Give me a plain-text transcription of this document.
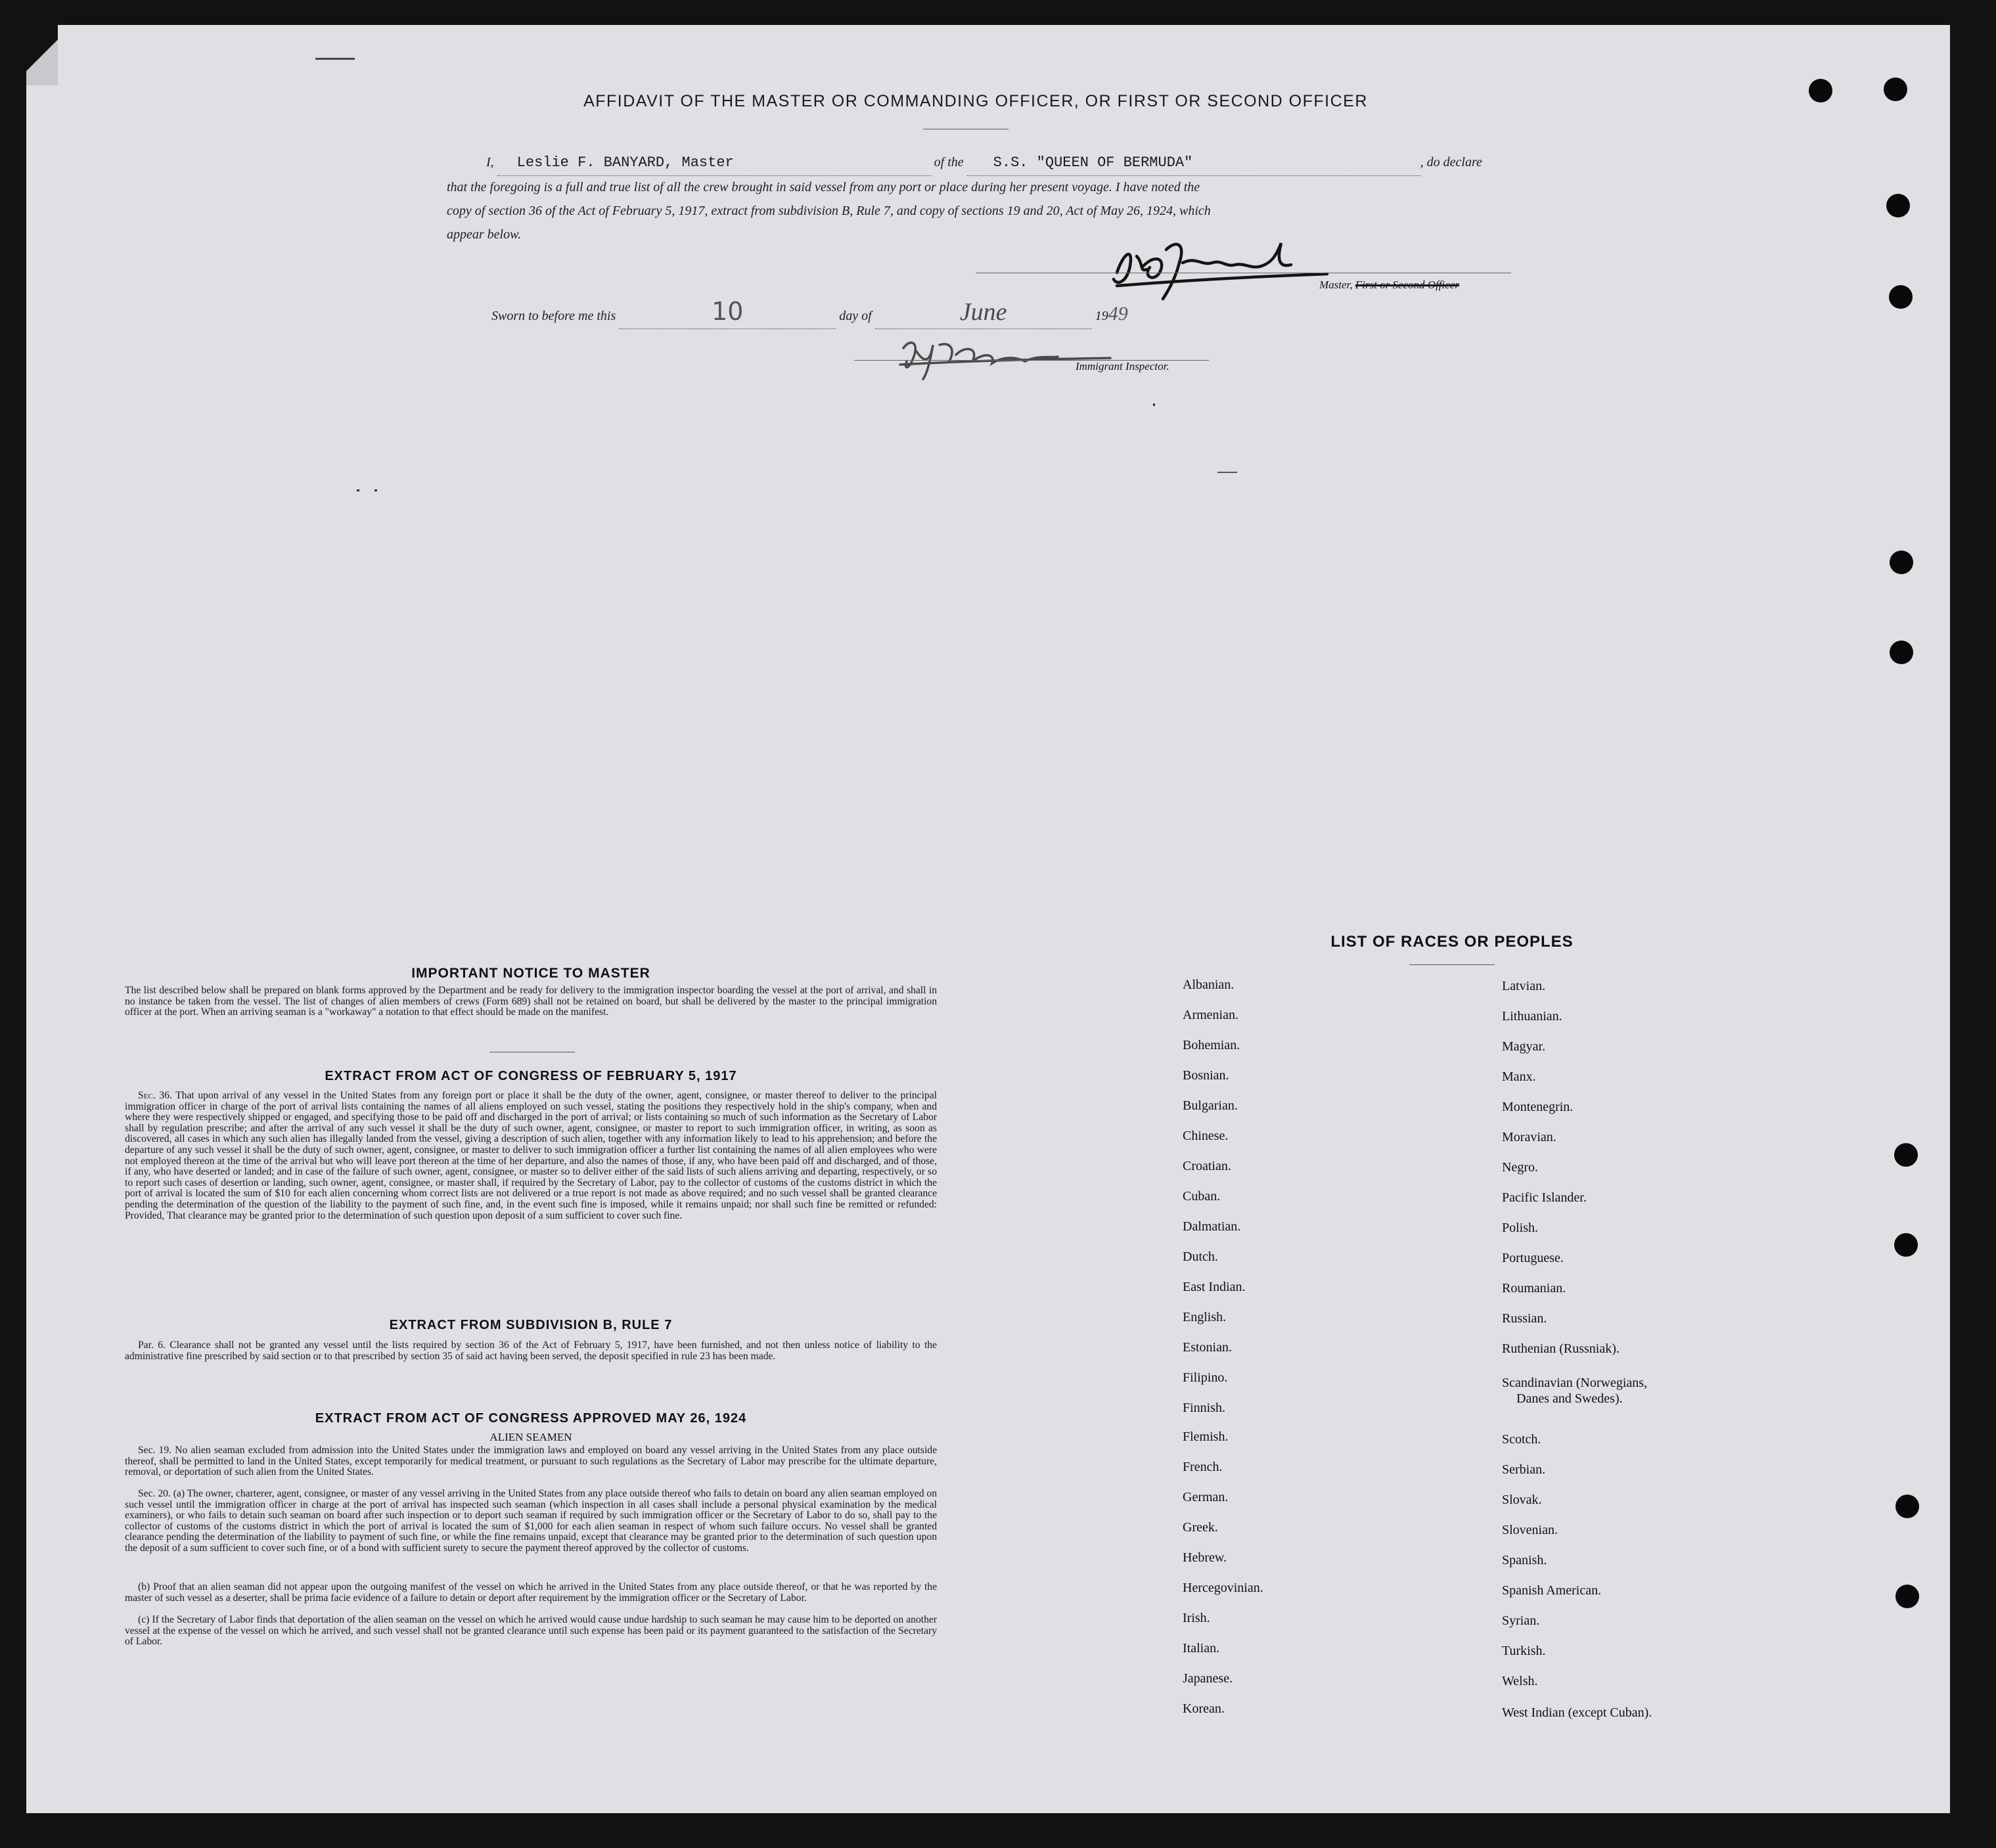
AFFIDAVIT OF THE MASTER OR COMMANDING OFFICER, OR FIRST OR SECOND OFFICER
I, Leslie F. BANYARD, Master	of the S.S. "QUEEN OF BERMUDA"	, do declare
that the foregoing is a full and true list of all the crew brought in said vessel from any port or place during her present voyage. I have noted the
copy of section 36 of the Act of February 5, 1917, extract from subdivision B, Rule 7, and copy of sections 19 and 20, Act of May 26, 1924, which
appear below.
Master, First or Second Officer
Sworn to before me this	10	day of	June	1949
Immigrant Inspector.
IMPORTANT NOTICE TO MASTER
The list described below shall be prepared on blank forms approved by the Department and be ready for delivery to the immigration inspector boarding the vessel at the port of arrival, and shall in no instance be taken from the vessel. The list of changes of alien members of crews (Form 689) shall not be retained on board, but shall be delivered by the master to the principal immigration officer at the port. When an arriving seaman is a "workaway" a notation to that effect should be made on the manifest.
EXTRACT FROM ACT OF CONGRESS OF FEBRUARY 5, 1917
Sec. 36. That upon arrival of any vessel in the United States from any foreign port or place it shall be the duty of the owner, agent, consignee, or master thereof to deliver to the principal immigration officer in charge of the port of arrival lists containing the names of all aliens employed on such vessel, stating the positions they respectively hold in the ship's company, when and where they were respectively shipped or engaged, and specifying those to be paid off and discharged in the port of arrival; or lists containing so much of such information as the Secretary of Labor shall by regulation prescribe; and after the arrival of any such vessel it shall be the duty of such owner, agent, consignee, or master to report to such immigration officer, in writing, as soon as discovered, all cases in which any such alien has illegally landed from the vessel, giving a description of such alien, together with any information likely to lead to his apprehension; and before the departure of any such vessel it shall be the duty of such owner, agent, consignee, or master to deliver to such immigration officer a further list containing the names of all alien employees who were not employed thereon at the time of the arrival but who will leave port thereon at the time of her departure, and also the names of those, if any, who have been paid off and discharged, and of those, if any, who have deserted or landed; and in case of the failure of such owner, agent, consignee, or master so to deliver either of the said lists of such aliens arriving and departing, respectively, or so to report such cases of desertion or landing, such owner, agent, consignee, or master shall, if required by the Secretary of Labor, pay to the collector of customs of the customs district in which the port of arrival is located the sum of $10 for each alien concerning whom correct lists are not delivered or a true report is not made as above required; and no such vessel shall be granted clearance pending the determination of the question of the liability to the payment of such fine, and, in the event such fine is imposed, while it remains unpaid; nor shall such fine be remitted or refunded: Provided, That clearance may be granted prior to the determination of such question upon deposit of a sum sufficient to cover such fine.
EXTRACT FROM SUBDIVISION B, RULE 7
Par. 6. Clearance shall not be granted any vessel until the lists required by section 36 of the Act of February 5, 1917, have been furnished, and not then unless notice of liability to the administrative fine prescribed by said section or to that prescribed by section 35 of said act having been served, the deposit specified in rule 23 has been made.
EXTRACT FROM ACT OF CONGRESS APPROVED MAY 26, 1924
ALIEN SEAMEN
Sec. 19. No alien seaman excluded from admission into the United States under the immigration laws and employed on board any vessel arriving in the United States from any place outside thereof, shall be permitted to land in the United States, except temporarily for medical treatment, or pursuant to such regulations as the Secretary of Labor may prescribe for the ultimate departure, removal, or deportation of such alien from the United States.
Sec. 20. (a) The owner, charterer, agent, consignee, or master of any vessel arriving in the United States from any place outside thereof who fails to detain on board any alien seaman employed on such vessel until the immigration officer in charge at the port of arrival has inspected such seaman (which inspection in all cases shall include a personal physical examination by the medical examiners), or who fails to detain such seaman on board after such inspection or to deport such seaman if required by such immigration officer or the Secretary of Labor to do so, shall pay to the collector of customs of the customs district in which the port of arrival is located the sum of $1,000 for each alien seaman in respect of whom such failure occurs. No vessel shall be granted clearance pending the determination of the liability to payment of such fine, or while the fine remains unpaid, except that clearance may be granted prior to the determination of such question upon the deposit of a sum sufficient to cover such fine, or of a bond with sufficient surety to secure the payment thereof approved by the collector of customs.
(b) Proof that an alien seaman did not appear upon the outgoing manifest of the vessel on which he arrived in the United States from any place outside thereof, or that he was reported by the master of such vessel as a deserter, shall be prima facie evidence of a failure to detain or deport after requirement by the immigration officer or the Secretary of Labor.
(c) If the Secretary of Labor finds that deportation of the alien seaman on the vessel on which he arrived would cause undue hardship to such seaman he may cause him to be deported on another vessel at the expense of the vessel on which he arrived, and such vessel shall not be granted clearance until such expense has been paid or its payment guaranteed to the satisfaction of the Secretary of Labor.
LIST OF RACES OR PEOPLES
Albanian.
Armenian.
Bohemian.
Bosnian.
Bulgarian.
Chinese.
Croatian.
Cuban.
Dalmatian.
Dutch.
East Indian.
English.
Estonian.
Filipino.
Finnish.
Flemish.
French.
German.
Greek.
Hebrew.
Hercegovinian.
Irish.
Italian.
Japanese.
Korean.
Latvian.
Lithuanian.
Magyar.
Manx.
Montenegrin.
Moravian.
Negro.
Pacific Islander.
Polish.
Portuguese.
Roumanian.
Russian.
Ruthenian (Russniak).
Scandinavian (Norwegians,
Danes and Swedes).
Scotch.
Serbian.
Slovak.
Slovenian.
Spanish.
Spanish American.
Syrian.
Turkish.
Welsh.
West Indian (except Cuban).
